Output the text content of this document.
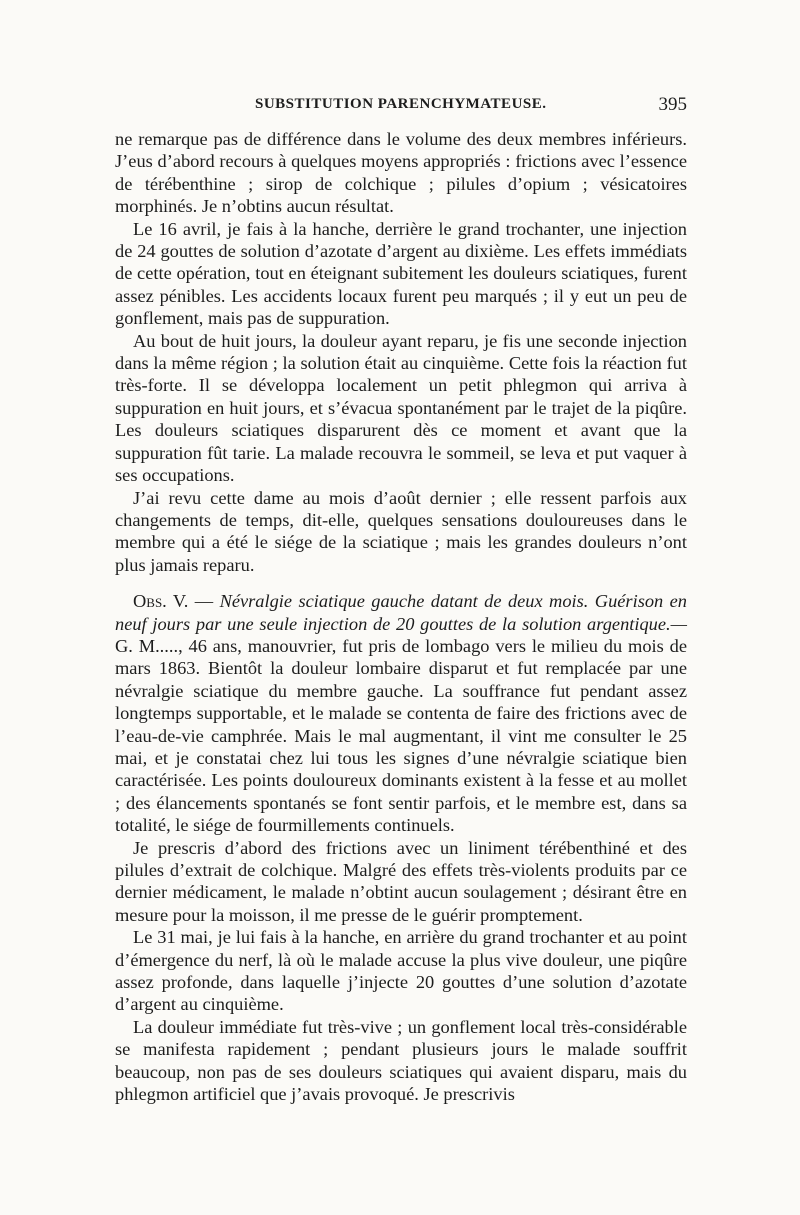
SUBSTITUTION PARENCHYMATEUSE.	395

ne remarque pas de différence dans le volume des deux membres inférieurs. J’eus d’abord recours à quelques moyens appropriés : frictions avec l’essence de térébenthine ; sirop de colchique ; pilules d’opium ; vésicatoires morphinés. Je n’obtins aucun résultat.

Le 16 avril, je fais à la hanche, derrière le grand trochanter, une injection de 24 gouttes de solution d’azotate d’argent au dixième. Les effets immédiats de cette opération, tout en éteignant subitement les douleurs sciatiques, furent assez pénibles. Les accidents locaux furent peu marqués ; il y eut un peu de gonflement, mais pas de suppuration.

Au bout de huit jours, la douleur ayant reparu, je fis une seconde injection dans la même région ; la solution était au cinquième. Cette fois la réaction fut très-forte. Il se développa localement un petit phlegmon qui arriva à suppuration en huit jours, et s’évacua spontanément par le trajet de la piqûre. Les douleurs sciatiques disparurent dès ce moment et avant que la suppuration fût tarie. La malade recouvra le sommeil, se leva et put vaquer à ses occupations.

J’ai revu cette dame au mois d’août dernier ; elle ressent parfois aux changements de temps, dit-elle, quelques sensations douloureuses dans le membre qui a été le siége de la sciatique ; mais les grandes douleurs n’ont plus jamais reparu.

Obs. V. — Névralgie sciatique gauche datant de deux mois. Guérison en neuf jours par une seule injection de 20 gouttes de la solution argentique.— G. M....., 46 ans, manouvrier, fut pris de lombago vers le milieu du mois de mars 1863. Bientôt la douleur lombaire disparut et fut remplacée par une névralgie sciatique du membre gauche. La souffrance fut pendant assez longtemps supportable, et le malade se contenta de faire des frictions avec de l’eau-de-vie camphrée. Mais le mal augmentant, il vint me consulter le 25 mai, et je constatai chez lui tous les signes d’une névralgie sciatique bien caractérisée. Les points douloureux dominants existent à la fesse et au mollet ; des élancements spontanés se font sentir parfois, et le membre est, dans sa totalité, le siége de fourmillements continuels.

Je prescris d’abord des frictions avec un liniment térébenthiné et des pilules d’extrait de colchique. Malgré des effets très-violents produits par ce dernier médicament, le malade n’obtint aucun soulagement ; désirant être en mesure pour la moisson, il me presse de le guérir promptement.

Le 31 mai, je lui fais à la hanche, en arrière du grand trochanter et au point d’émergence du nerf, là où le malade accuse la plus vive douleur, une piqûre assez profonde, dans laquelle j’injecte 20 gouttes d’une solution d’azotate d’argent au cinquième.

La douleur immédiate fut très-vive ; un gonflement local très-considérable se manifesta rapidement ; pendant plusieurs jours le malade souffrit beaucoup, non pas de ses douleurs sciatiques qui avaient disparu, mais du phlegmon artificiel que j’avais provoqué. Je prescrivis
